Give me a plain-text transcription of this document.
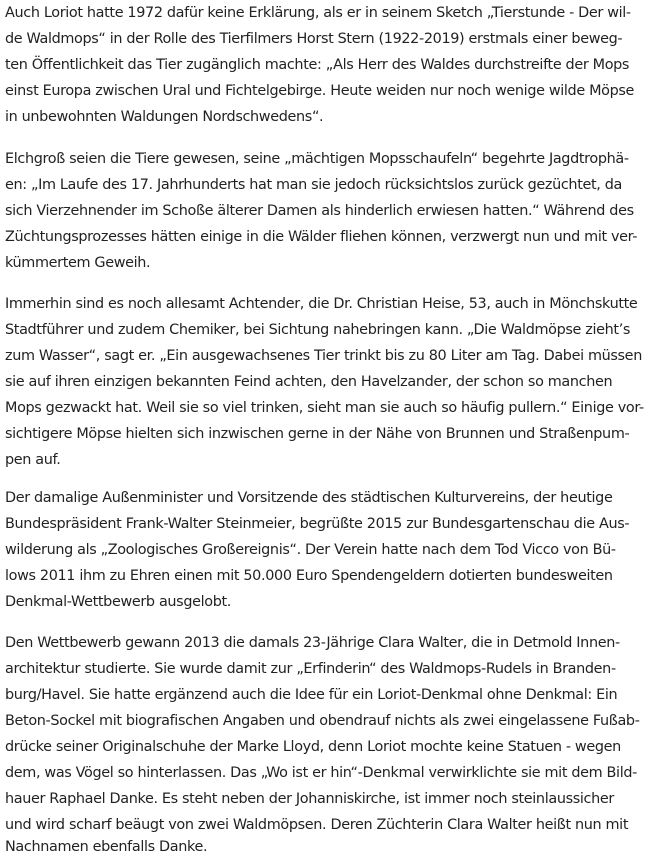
Auch Loriot hatte 1972 dafür keine Erklärung, als er in seinem Sketch „Tierstunde - Der wil-
de Waldmops“ in der Rolle des Tierfilmers Horst Stern (1922-2019) erstmals einer beweg-
ten Öffentlichkeit das Tier zugänglich machte: „Als Herr des Waldes durchstreifte der Mops
einst Europa zwischen Ural und Fichtelgebirge. Heute weiden nur noch wenige wilde Möpse
in unbewohnten Waldungen Nordschwedens“.
Elchgroß seien die Tiere gewesen, seine „mächtigen Mopsschaufeln“ begehrte Jagdtrophä-
en: „Im Laufe des 17. Jahrhunderts hat man sie jedoch rücksichtslos zurück gezüchtet, da
sich Vierzehnender im Schoße älterer Damen als hinderlich erwiesen hatten.“ Während des
Züchtungsprozesses hätten einige in die Wälder fliehen können, verzwergt nun und mit ver-
kümmertem Geweih.
Immerhin sind es noch allesamt Achtender, die Dr. Christian Heise, 53, auch in Mönchskutte
Stadtführer und zudem Chemiker, bei Sichtung nahebringen kann. „Die Waldmöpse zieht’s
zum Wasser“, sagt er. „Ein ausgewachsenes Tier trinkt bis zu 80 Liter am Tag. Dabei müssen
sie auf ihren einzigen bekannten Feind achten, den Havelzander, der schon so manchen
Mops gezwackt hat. Weil sie so viel trinken, sieht man sie auch so häufig pullern.“ Einige vor-
sichtigere Möpse hielten sich inzwischen gerne in der Nähe von Brunnen und Straßenpum-
pen auf.
Der damalige Außenminister und Vorsitzende des städtischen Kulturvereins, der heutige
Bundespräsident Frank-Walter Steinmeier, begrüßte 2015 zur Bundesgartenschau die Aus-
wilderung als „Zoologisches Großereignis“. Der Verein hatte nach dem Tod Vicco von Bü-
lows 2011 ihm zu Ehren einen mit 50.000 Euro Spendengeldern dotierten bundesweiten
Denkmal-Wettbewerb ausgelobt.
Den Wettbewerb gewann 2013 die damals 23-Jährige Clara Walter, die in Detmold Innen-
architektur studierte. Sie wurde damit zur „Erfinderin“ des Waldmops-Rudels in Branden-
burg/Havel. Sie hatte ergänzend auch die Idee für ein Loriot-Denkmal ohne Denkmal: Ein
Beton-Sockel mit biografischen Angaben und obendrauf nichts als zwei eingelassene Fußab-
drücke seiner Originalschuhe der Marke Lloyd, denn Loriot mochte keine Statuen - wegen
dem, was Vögel so hinterlassen. Das „Wo ist er hin“-Denkmal verwirklichte sie mit dem Bild-
hauer Raphael Danke. Es steht neben der Johanniskirche, ist immer noch steinlaussicher
und wird scharf beäugt von zwei Waldmöpsen. Deren Züchterin Clara Walter heißt nun mit
Nachnamen ebenfalls Danke.
